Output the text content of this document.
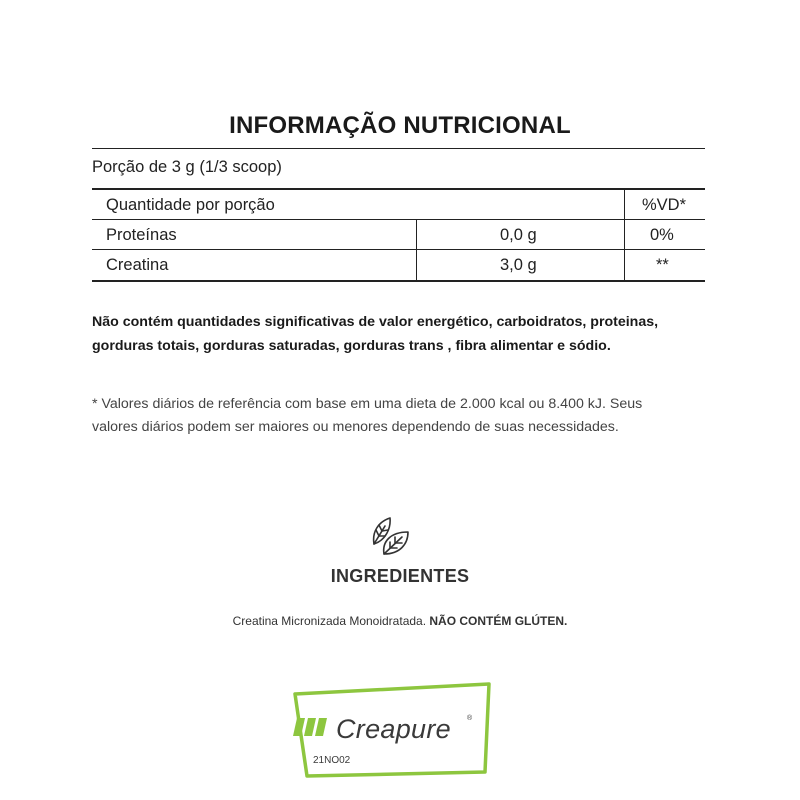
INFORMAÇÃO NUTRICIONAL
Porção de 3 g (1/3 scoop)
Quantidade por porção	%VD*
Proteínas	0,0 g	0%
Creatina	3,0 g	**
Não contém quantidades significativas de valor energético, carboidratos, proteinas, gorduras totais, gorduras saturadas, gorduras trans , fibra alimentar e sódio.
* Valores diários de referência com base em uma dieta de 2.000 kcal ou 8.400 kJ. Seus valores diários podem ser maiores ou menores dependendo de suas necessidades.
INGREDIENTES
Creatina Micronizada Monoidratada. NÃO CONTÉM GLÚTEN.
Creapure ®
21NO02
